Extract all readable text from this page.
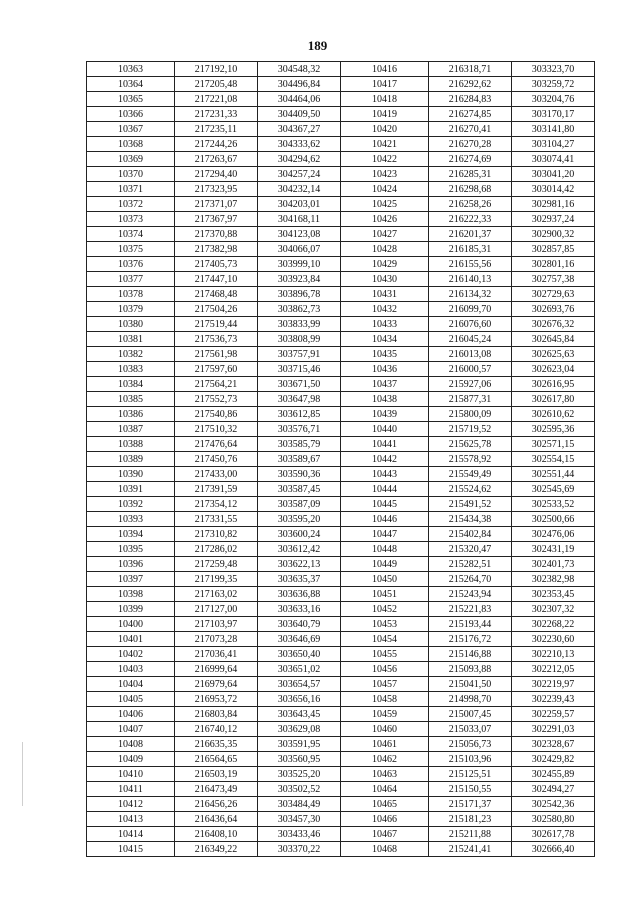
189
10363	217192,10	304548,32	10416	216318,71	303323,70
10364	217205,48	304496,84	10417	216292,62	303259,72
10365	217221,08	304464,06	10418	216284,83	303204,76
10366	217231,33	304409,50	10419	216274,85	303170,17
10367	217235,11	304367,27	10420	216270,41	303141,80
10368	217244,26	304333,62	10421	216270,28	303104,27
10369	217263,67	304294,62	10422	216274,69	303074,41
10370	217294,40	304257,24	10423	216285,31	303041,20
10371	217323,95	304232,14	10424	216298,68	303014,42
10372	217371,07	304203,01	10425	216258,26	302981,16
10373	217367,97	304168,11	10426	216222,33	302937,24
10374	217370,88	304123,08	10427	216201,37	302900,32
10375	217382,98	304066,07	10428	216185,31	302857,85
10376	217405,73	303999,10	10429	216155,56	302801,16
10377	217447,10	303923,84	10430	216140,13	302757,38
10378	217468,48	303896,78	10431	216134,32	302729,63
10379	217504,26	303862,73	10432	216099,70	302693,76
10380	217519,44	303833,99	10433	216076,60	302676,32
10381	217536,73	303808,99	10434	216045,24	302645,84
10382	217561,98	303757,91	10435	216013,08	302625,63
10383	217597,60	303715,46	10436	216000,57	302623,04
10384	217564,21	303671,50	10437	215927,06	302616,95
10385	217552,73	303647,98	10438	215877,31	302617,80
10386	217540,86	303612,85	10439	215800,09	302610,62
10387	217510,32	303576,71	10440	215719,52	302595,36
10388	217476,64	303585,79	10441	215625,78	302571,15
10389	217450,76	303589,67	10442	215578,92	302554,15
10390	217433,00	303590,36	10443	215549,49	302551,44
10391	217391,59	303587,45	10444	215524,62	302545,69
10392	217354,12	303587,09	10445	215491,52	302533,52
10393	217331,55	303595,20	10446	215434,38	302500,66
10394	217310,82	303600,24	10447	215402,84	302476,06
10395	217286,02	303612,42	10448	215320,47	302431,19
10396	217259,48	303622,13	10449	215282,51	302401,73
10397	217199,35	303635,37	10450	215264,70	302382,98
10398	217163,02	303636,88	10451	215243,94	302353,45
10399	217127,00	303633,16	10452	215221,83	302307,32
10400	217103,97	303640,79	10453	215193,44	302268,22
10401	217073,28	303646,69	10454	215176,72	302230,60
10402	217036,41	303650,40	10455	215146,88	302210,13
10403	216999,64	303651,02	10456	215093,88	302212,05
10404	216979,64	303654,57	10457	215041,50	302219,97
10405	216953,72	303656,16	10458	214998,70	302239,43
10406	216803,84	303643,45	10459	215007,45	302259,57
10407	216740,12	303629,08	10460	215033,07	302291,03
10408	216635,35	303591,95	10461	215056,73	302328,67
10409	216564,65	303560,95	10462	215103,96	302429,82
10410	216503,19	303525,20	10463	215125,51	302455,89
10411	216473,49	303502,52	10464	215150,55	302494,27
10412	216456,26	303484,49	10465	215171,37	302542,36
10413	216436,64	303457,30	10466	215181,23	302580,80
10414	216408,10	303433,46	10467	215211,88	302617,78
10415	216349,22	303370,22	10468	215241,41	302666,40
